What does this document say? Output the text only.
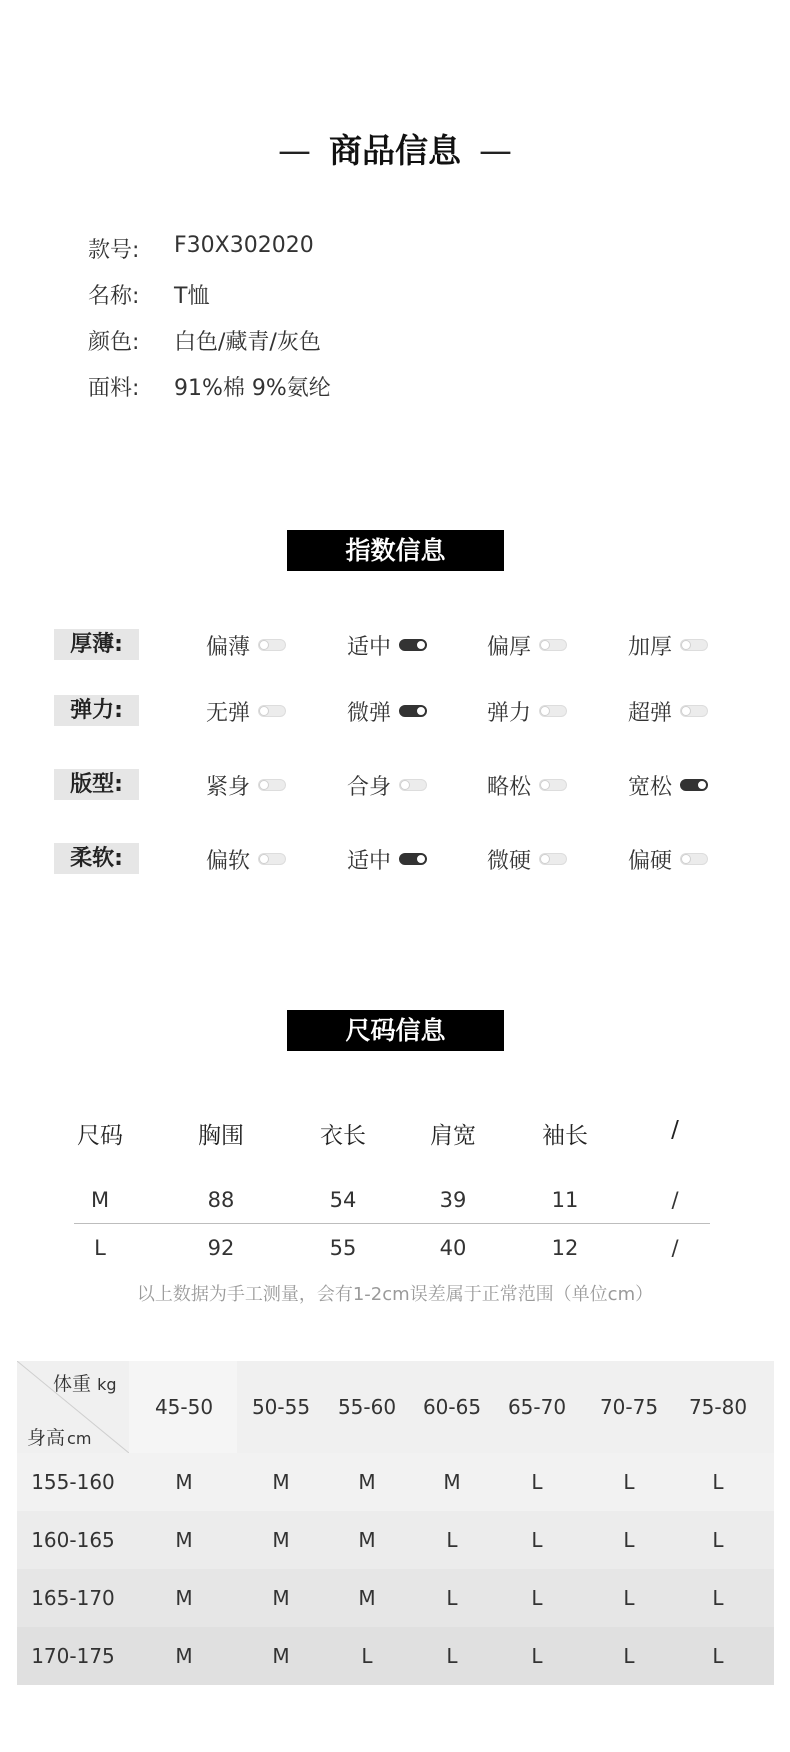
— 商品信息 —
款号: F30X302020
名称: T恤
颜色: 白色/藏青/灰色
面料: 91%棉 9%氨纶
指数信息
厚薄:	偏薄	适中	偏厚	加厚
弹力:	无弹	微弹	弹力	超弹
版型:	紧身	合身	略松	宽松
柔软:	偏软	适中	微硬	偏硬
尺码信息
尺码	胸围	衣长	肩宽	袖长	/
M	88	54	39	11	/
L	92	55	40	12	/
以上数据为手工测量，会有1-2cm误差属于正常范围（单位cm）
体重 kg
身高 cm
45-50	50-55	55-60	60-65	65-70	70-75	75-80
155-160	M	M	M	M	L	L	L
160-165	M	M	M	L	L	L	L
165-170	M	M	M	L	L	L	L
170-175	M	M	L	L	L	L	L
